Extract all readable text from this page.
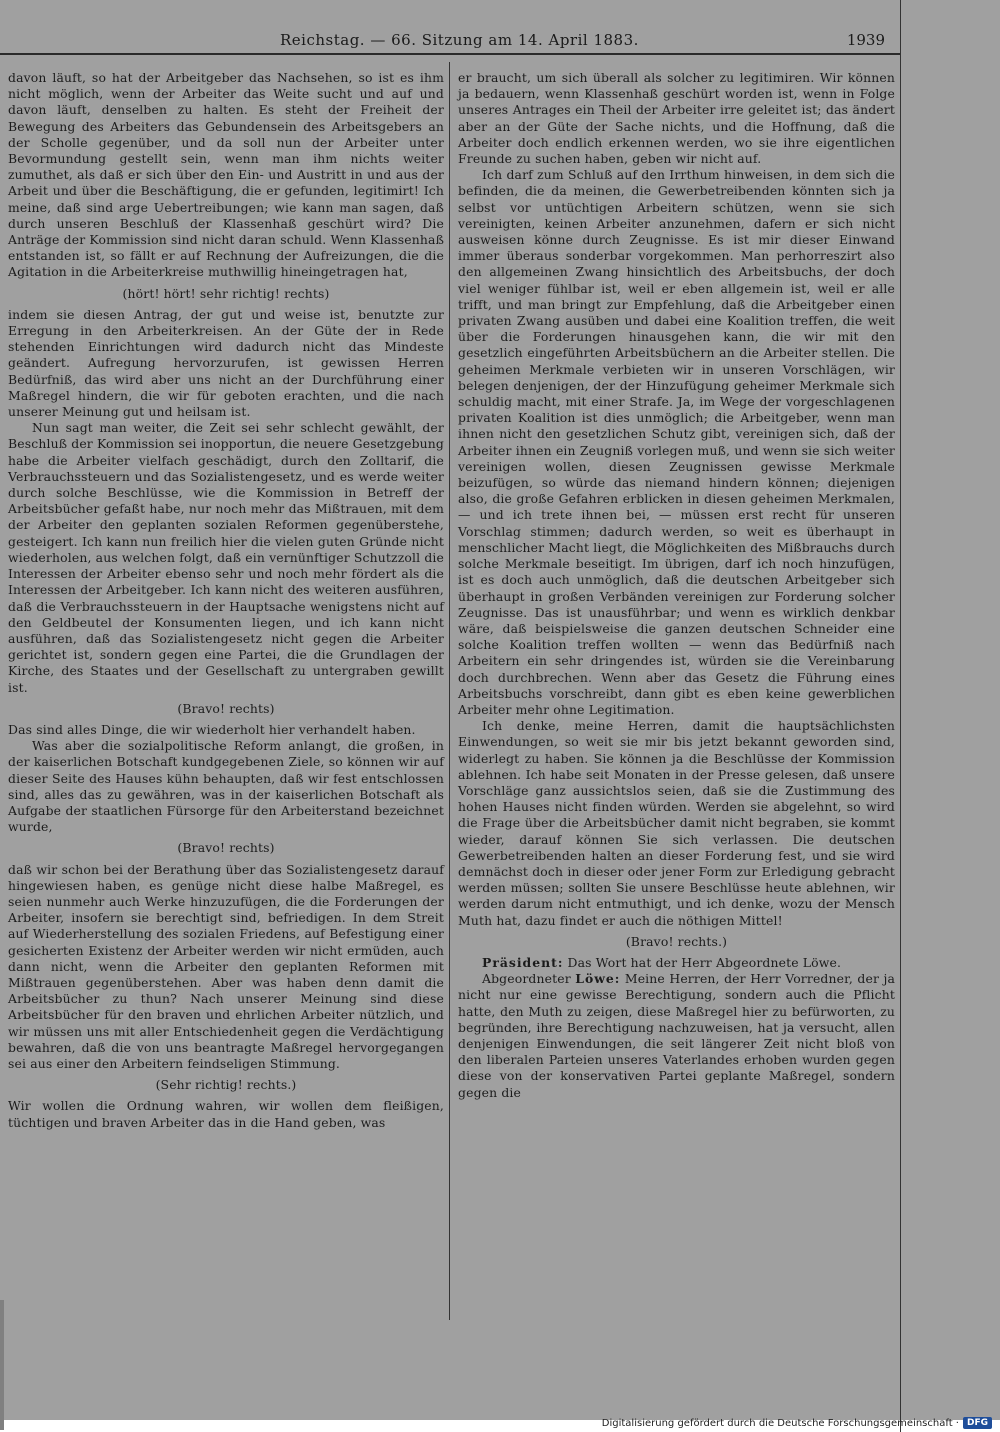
Reichstag. — 66. Sitzung am 14. April 1883.	1939

davon läuft, so hat der Arbeitgeber das Nachsehen, so ist es ihm nicht möglich, wenn der Arbeiter das Weite sucht und auf und davon läuft, denselben zu halten. Es steht der Freiheit der Bewegung des Arbeiters das Gebundensein des Arbeitsgebers an der Scholle gegenüber, und da soll nun der Arbeiter unter Bevormundung gestellt sein, wenn man ihm nichts weiter zumuthet, als daß er sich über den Ein- und Austritt in und aus der Arbeit und über die Beschäftigung, die er gefunden, legitimirt! Ich meine, daß sind arge Uebertreibungen; wie kann man sagen, daß durch unseren Beschluß der Klassenhaß geschürt wird? Die Anträge der Kommission sind nicht daran schuld. Wenn Klassenhaß entstanden ist, so fällt er auf Rechnung der Aufreizungen, die die Agitation in die Arbeiterkreise muthwillig hineingetragen hat,

(hört! hört! sehr richtig! rechts)

indem sie diesen Antrag, der gut und weise ist, benutzte zur Erregung in den Arbeiterkreisen. An der Güte der in Rede stehenden Einrichtungen wird dadurch nicht das Mindeste geändert. Aufregung hervorzurufen, ist gewissen Herren Bedürfniß, das wird aber uns nicht an der Durchführung einer Maßregel hindern, die wir für geboten erachten, und die nach unserer Meinung gut und heilsam ist.

Nun sagt man weiter, die Zeit sei sehr schlecht gewählt, der Beschluß der Kommission sei inopportun, die neuere Gesetzgebung habe die Arbeiter vielfach geschädigt, durch den Zolltarif, die Verbrauchssteuern und das Sozialistengesetz, und es werde weiter durch solche Beschlüsse, wie die Kommission in Betreff der Arbeitsbücher gefaßt habe, nur noch mehr das Mißtrauen, mit dem der Arbeiter den geplanten sozialen Reformen gegenüberstehe, gesteigert. Ich kann nun freilich hier die vielen guten Gründe nicht wiederholen, aus welchen folgt, daß ein vernünftiger Schutzzoll die Interessen der Arbeiter ebenso sehr und noch mehr fördert als die Interessen der Arbeitgeber. Ich kann nicht des weiteren ausführen, daß die Verbrauchssteuern in der Hauptsache wenigstens nicht auf den Geldbeutel der Konsumenten liegen, und ich kann nicht ausführen, daß das Sozialistengesetz nicht gegen die Arbeiter gerichtet ist, sondern gegen eine Partei, die die Grundlagen der Kirche, des Staates und der Gesellschaft zu untergraben gewillt ist.

(Bravo! rechts)

Das sind alles Dinge, die wir wiederholt hier verhandelt haben.

Was aber die sozialpolitische Reform anlangt, die großen, in der kaiserlichen Botschaft kundgegebenen Ziele, so können wir auf dieser Seite des Hauses kühn behaupten, daß wir fest entschlossen sind, alles das zu gewähren, was in der kaiserlichen Botschaft als Aufgabe der staatlichen Fürsorge für den Arbeiterstand bezeichnet wurde,

(Bravo! rechts)

daß wir schon bei der Berathung über das Sozialistengesetz darauf hingewiesen haben, es genüge nicht diese halbe Maßregel, es seien nunmehr auch Werke hinzuzufügen, die die Forderungen der Arbeiter, insofern sie berechtigt sind, befriedigen. In dem Streit auf Wiederherstellung des sozialen Friedens, auf Befestigung einer gesicherten Existenz der Arbeiter werden wir nicht ermüden, auch dann nicht, wenn die Arbeiter den geplanten Reformen mit Mißtrauen gegenüberstehen. Aber was haben denn damit die Arbeitsbücher zu thun? Nach unserer Meinung sind diese Arbeitsbücher für den braven und ehrlichen Arbeiter nützlich, und wir müssen uns mit aller Entschiedenheit gegen die Verdächtigung bewahren, daß die von uns beantragte Maßregel hervorgegangen sei aus einer den Arbeitern feindseligen Stimmung.

(Sehr richtig! rechts.)

Wir wollen die Ordnung wahren, wir wollen dem fleißigen, tüchtigen und braven Arbeiter das in die Hand geben, was

er braucht, um sich überall als solcher zu legitimiren. Wir können ja bedauern, wenn Klassenhaß geschürt worden ist, wenn in Folge unseres Antrages ein Theil der Arbeiter irre geleitet ist; das ändert aber an der Güte der Sache nichts, und die Hoffnung, daß die Arbeiter doch endlich erkennen werden, wo sie ihre eigentlichen Freunde zu suchen haben, geben wir nicht auf.

Ich darf zum Schluß auf den Irrthum hinweisen, in dem sich die befinden, die da meinen, die Gewerbetreibenden könnten sich ja selbst vor untüchtigen Arbeitern schützen, wenn sie sich vereinigten, keinen Arbeiter anzunehmen, dafern er sich nicht ausweisen könne durch Zeugnisse. Es ist mir dieser Einwand immer überaus sonderbar vorgekommen. Man perhorreszirt also den allgemeinen Zwang hinsichtlich des Arbeitsbuchs, der doch viel weniger fühlbar ist, weil er eben allgemein ist, weil er alle trifft, und man bringt zur Empfehlung, daß die Arbeitgeber einen privaten Zwang ausüben und dabei eine Koalition treffen, die weit über die Forderungen hinausgehen kann, die wir mit den gesetzlich eingeführten Arbeitsbüchern an die Arbeiter stellen. Die geheimen Merkmale verbieten wir in unseren Vorschlägen, wir belegen denjenigen, der der Hinzufügung geheimer Merkmale sich schuldig macht, mit einer Strafe. Ja, im Wege der vorgeschlagenen privaten Koalition ist dies unmöglich; die Arbeitgeber, wenn man ihnen nicht den gesetzlichen Schutz gibt, vereinigen sich, daß der Arbeiter ihnen ein Zeugniß vorlegen muß, und wenn sie sich weiter vereinigen wollen, diesen Zeugnissen gewisse Merkmale beizufügen, so würde das niemand hindern können; diejenigen also, die große Gefahren erblicken in diesen geheimen Merkmalen, — und ich trete ihnen bei, — müssen erst recht für unseren Vorschlag stimmen; dadurch werden, so weit es überhaupt in menschlicher Macht liegt, die Möglichkeiten des Mißbrauchs durch solche Merkmale beseitigt. Im übrigen, darf ich noch hinzufügen, ist es doch auch unmöglich, daß die deutschen Arbeitgeber sich überhaupt in großen Verbänden vereinigen zur Forderung solcher Zeugnisse. Das ist unausführbar; und wenn es wirklich denkbar wäre, daß beispielsweise die ganzen deutschen Schneider eine solche Koalition treffen wollten — wenn das Bedürfniß nach Arbeitern ein sehr dringendes ist, würden sie die Vereinbarung doch durchbrechen. Wenn aber das Gesetz die Führung eines Arbeitsbuchs vorschreibt, dann gibt es eben keine gewerblichen Arbeiter mehr ohne Legitimation.

Ich denke, meine Herren, damit die hauptsächlichsten Einwendungen, so weit sie mir bis jetzt bekannt geworden sind, widerlegt zu haben. Sie können ja die Beschlüsse der Kommission ablehnen. Ich habe seit Monaten in der Presse gelesen, daß unsere Vorschläge ganz aussichtslos seien, daß sie die Zustimmung des hohen Hauses nicht finden würden. Werden sie abgelehnt, so wird die Frage über die Arbeitsbücher damit nicht begraben, sie kommt wieder, darauf können Sie sich verlassen. Die deutschen Gewerbetreibenden halten an dieser Forderung fest, und sie wird demnächst doch in dieser oder jener Form zur Erledigung gebracht werden müssen; sollten Sie unsere Beschlüsse heute ablehnen, wir werden darum nicht entmuthigt, und ich denke, wozu der Mensch Muth hat, dazu findet er auch die nöthigen Mittel!

(Bravo! rechts.)

Präsident: Das Wort hat der Herr Abgeordnete Löwe.

Abgeordneter Löwe: Meine Herren, der Herr Vorredner, der ja nicht nur eine gewisse Berechtigung, sondern auch die Pflicht hatte, den Muth zu zeigen, diese Maßregel hier zu befürworten, zu begründen, ihre Berechtigung nachzuweisen, hat ja versucht, allen denjenigen Einwendungen, die seit längerer Zeit nicht bloß von den liberalen Parteien unseres Vaterlandes erhoben wurden gegen diese von der konservativen Partei geplante Maßregel, sondern gegen die

Digitalisierung gefördert durch die Deutsche Forschungsgemeinschaft · DFG
